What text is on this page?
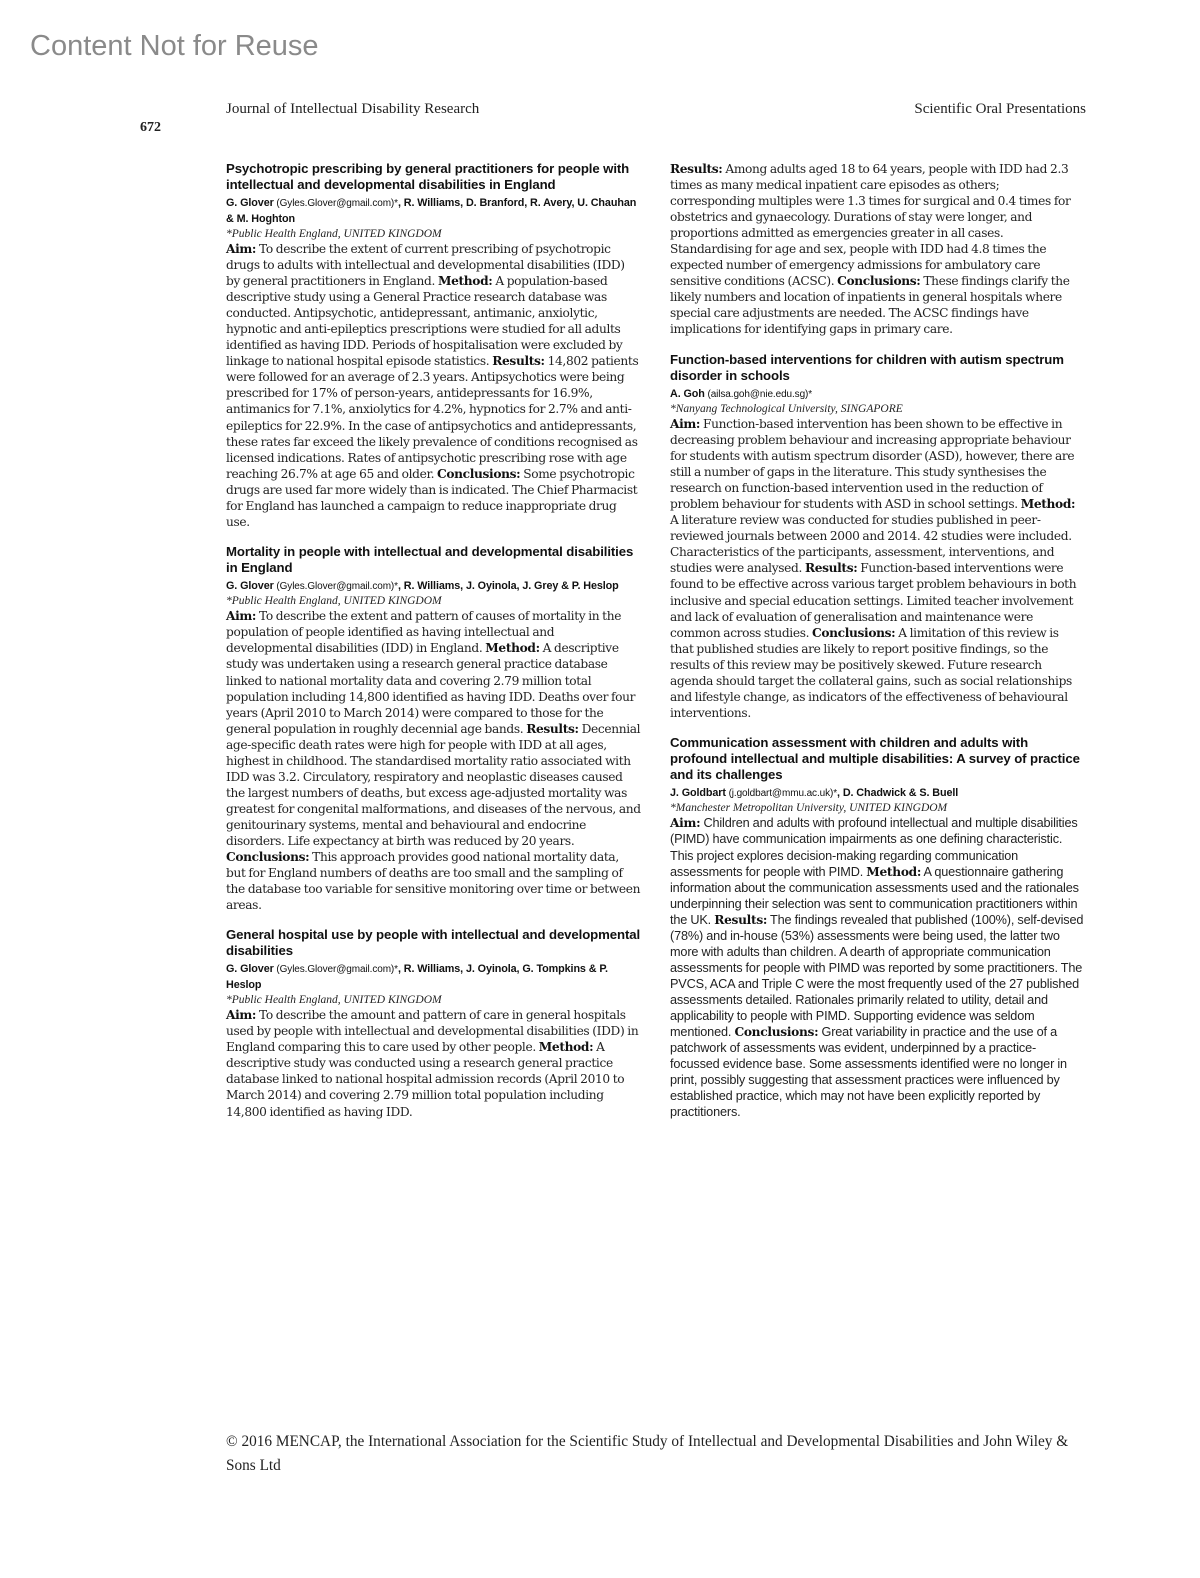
Content Not for Reuse
Journal of Intellectual Disability Research	Scientific Oral Presentations
672
Psychotropic prescribing by general practitioners for people with intellectual and developmental disabilities in England
G. Glover (Gyles.Glover@gmail.com)*, R. Williams, D. Branford, R. Avery, U. Chauhan & M. Hoghton
*Public Health England, UNITED KINGDOM
Aim: To describe the extent of current prescribing of psychotropic drugs to adults with intellectual and developmental disabilities (IDD) by general practitioners in England. Method: A population-based descriptive study using a General Practice research database was conducted. Antipsychotic, antidepressant, antimanic, anxiolytic, hypnotic and anti-epileptics prescriptions were studied for all adults identified as having IDD. Periods of hospitalisation were excluded by linkage to national hospital episode statistics. Results: 14,802 patients were followed for an average of 2.3 years. Antipsychotics were being prescribed for 17% of person-years, antidepressants for 16.9%, antimanics for 7.1%, anxiolytics for 4.2%, hypnotics for 2.7% and anti-epileptics for 22.9%. In the case of antipsychotics and antidepressants, these rates far exceed the likely prevalence of conditions recognised as licensed indications. Rates of antipsychotic prescribing rose with age reaching 26.7% at age 65 and older. Conclusions: Some psychotropic drugs are used far more widely than is indicated. The Chief Pharmacist for England has launched a campaign to reduce inappropriate drug use.
Mortality in people with intellectual and developmental disabilities in England
G. Glover (Gyles.Glover@gmail.com)*, R. Williams, J. Oyinola, J. Grey & P. Heslop
*Public Health England, UNITED KINGDOM
Aim: To describe the extent and pattern of causes of mortality in the population of people identified as having intellectual and developmental disabilities (IDD) in England. Method: A descriptive study was undertaken using a research general practice database linked to national mortality data and covering 2.79 million total population including 14,800 identified as having IDD. Deaths over four years (April 2010 to March 2014) were compared to those for the general population in roughly decennial age bands. Results: Decennial age-specific death rates were high for people with IDD at all ages, highest in childhood. The standardised mortality ratio associated with IDD was 3.2. Circulatory, respiratory and neoplastic diseases caused the largest numbers of deaths, but excess age-adjusted mortality was greatest for congenital malformations, and diseases of the nervous, and genitourinary systems, mental and behavioural and endocrine disorders. Life expectancy at birth was reduced by 20 years. Conclusions: This approach provides good national mortality data, but for England numbers of deaths are too small and the sampling of the database too variable for sensitive monitoring over time or between areas.
General hospital use by people with intellectual and developmental disabilities
G. Glover (Gyles.Glover@gmail.com)*, R. Williams, J. Oyinola, G. Tompkins & P. Heslop
*Public Health England, UNITED KINGDOM
Aim: To describe the amount and pattern of care in general hospitals used by people with intellectual and developmental disabilities (IDD) in England comparing this to care used by other people. Method: A descriptive study was conducted using a research general practice database linked to national hospital admission records (April 2010 to March 2014) and covering 2.79 million total population including 14,800 identified as having IDD.
Results: Among adults aged 18 to 64 years, people with IDD had 2.3 times as many medical inpatient care episodes as others; corresponding multiples were 1.3 times for surgical and 0.4 times for obstetrics and gynaecology. Durations of stay were longer, and proportions admitted as emergencies greater in all cases. Standardising for age and sex, people with IDD had 4.8 times the expected number of emergency admissions for ambulatory care sensitive conditions (ACSC). Conclusions: These findings clarify the likely numbers and location of inpatients in general hospitals where special care adjustments are needed. The ACSC findings have implications for identifying gaps in primary care.
Function-based interventions for children with autism spectrum disorder in schools
A. Goh (ailsa.goh@nie.edu.sg)*
*Nanyang Technological University, SINGAPORE
Aim: Function-based intervention has been shown to be effective in decreasing problem behaviour and increasing appropriate behaviour for students with autism spectrum disorder (ASD), however, there are still a number of gaps in the literature. This study synthesises the research on function-based intervention used in the reduction of problem behaviour for students with ASD in school settings. Method: A literature review was conducted for studies published in peer-reviewed journals between 2000 and 2014. 42 studies were included. Characteristics of the participants, assessment, interventions, and studies were analysed. Results: Function-based interventions were found to be effective across various target problem behaviours in both inclusive and special education settings. Limited teacher involvement and lack of evaluation of generalisation and maintenance were common across studies. Conclusions: A limitation of this review is that published studies are likely to report positive findings, so the results of this review may be positively skewed. Future research agenda should target the collateral gains, such as social relationships and lifestyle change, as indicators of the effectiveness of behavioural interventions.
Communication assessment with children and adults with profound intellectual and multiple disabilities: A survey of practice and its challenges
J. Goldbart (j.goldbart@mmu.ac.uk)*, D. Chadwick & S. Buell
*Manchester Metropolitan University, UNITED KINGDOM
Aim: Children and adults with profound intellectual and multiple disabilities (PIMD) have communication impairments as one defining characteristic. This project explores decision-making regarding communication assessments for people with PIMD. Method: A questionnaire gathering information about the communication assessments used and the rationales underpinning their selection was sent to communication practitioners within the UK. Results: The findings revealed that published (100%), self-devised (78%) and in-house (53%) assessments were being used, the latter two more with adults than children. A dearth of appropriate communication assessments for people with PIMD was reported by some practitioners. The PVCS, ACA and Triple C were the most frequently used of the 27 published assessments detailed. Rationales primarily related to utility, detail and applicability to people with PIMD. Supporting evidence was seldom mentioned. Conclusions: Great variability in practice and the use of a patchwork of assessments was evident, underpinned by a practice-focussed evidence base. Some assessments identified were no longer in print, possibly suggesting that assessment practices were influenced by established practice, which may not have been explicitly reported by practitioners.
© 2016 MENCAP, the International Association for the Scientific Study of Intellectual and Developmental Disabilities and John Wiley & Sons Ltd
